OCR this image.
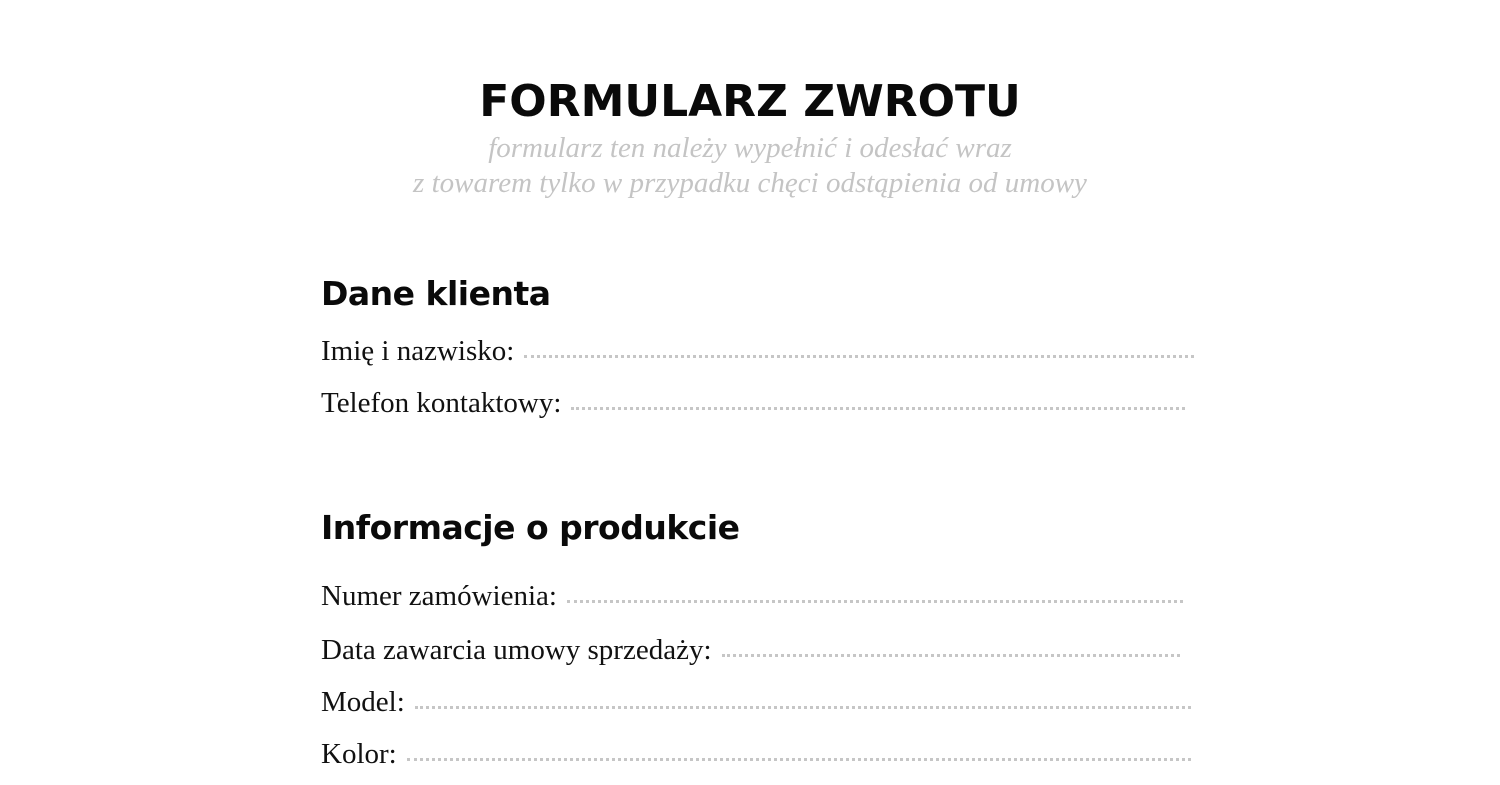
FORMULARZ ZWROTU
formularz ten należy wypełnić i odesłać wraz
z towarem tylko w przypadku chęci odstąpienia od umowy
Dane klienta
Imię i nazwisko:
Telefon kontaktowy:
Informacje o produkcie
Numer zamówienia:
Data zawarcia umowy sprzedaży:
Model:
Kolor:
